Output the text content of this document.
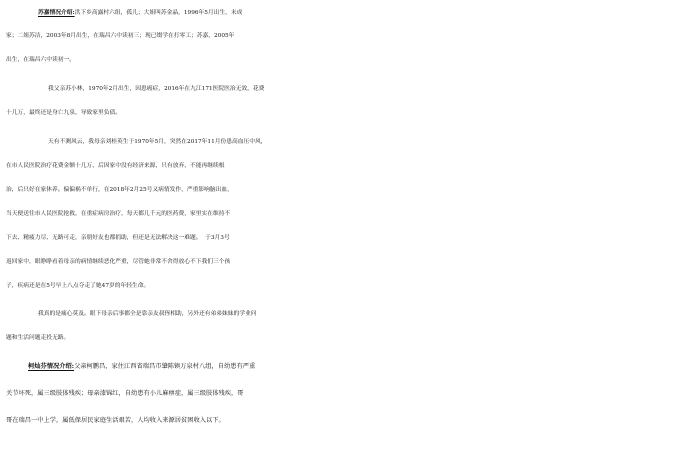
苏嘉情况介绍:洪下乡高露村六组，孤儿；大姐叫苏金晶，1996年5月出生，未成
家；二姐苏洁，2003年8月出生，在瑞昌六中读初三；现已缀学在打零工；苏嘉，2005年
出生，在瑞昌六中读初一。
我父亲苏小林，1970年2月出生，因患癌症，2016年在九江171医院医治无效，花费
十几万，最终还是身亡九泉，导致家里负债。
天有不测风云，我母亲刘桂英生于1970年5月，突然在2017年11月份患高血压中风，
在市人民医院治疗花费金额十几万，后因家中没有经济来源，只有放弃，不能再继续根
治，后只好在家休养。偏偏祸不单行，在2018年2月25号又病情发作，严重影响脑出血，
当天便送往市人民医院抢救，在重症病房治疗，每天都几千元的医药费，家里实在维持不
下去、精疲力尽、无路可走，亲朋好友也都捐助，但还是无法解决这一难题。  于3月3号
返回家中，眼睁睁看着母亲的病情继续恶化严重，尽管她非常不舍得放心不下我们三个孩
子，疾病还是在5号早上八点夺走了她47岁的年轻生命。
我真的是痛心莫及。眼下母亲后事都全是靠亲友叔侄相助，另外还有弟弟妹妹的学业问
题和生活问题走投无路。
柯灿芬情况介绍:父亲柯鹏昌，家住江西省瑞昌市肇陈镇万泉村八组，自幼患有严重
关节坏死，属三级肢体残疾；母亲漆锦红，自幼患有小儿麻痹症，属三级肢体残疾，哥
哥在瑞昌一中上学，属低保居民家庭生活艰苦，人均收入来源居贫困收入以下。
